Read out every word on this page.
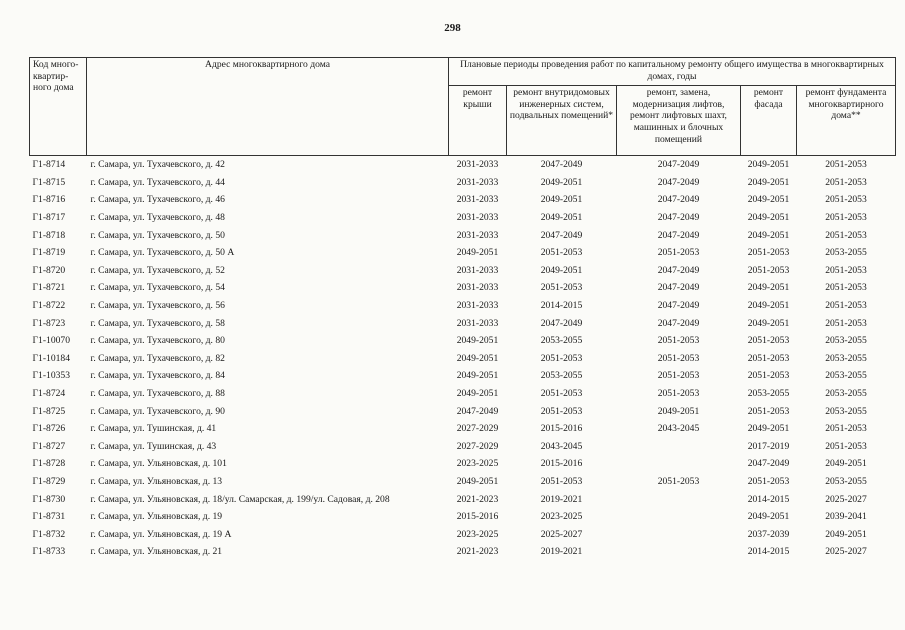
298
Код много-квартир-ного дома	Адрес многоквартирного дома	Плановые периоды проведения работ по капитальному ремонту общего имущества в многоквартирных домах, годы				
		ремонт крыши	ремонт внутридомовых инженерных систем, подвальных помещений*	ремонт, замена, модернизация лифтов, ремонт лифтовых шахт, машинных и блочных помещений	ремонт фасада	ремонт фундамента многоквартирного дома**
Г1-8714	г. Самара, ул. Тухачевского, д. 42	2031-2033	2047-2049	2047-2049	2049-2051	2051-2053
Г1-8715	г. Самара, ул. Тухачевского, д. 44	2031-2033	2049-2051	2047-2049	2049-2051	2051-2053
Г1-8716	г. Самара, ул. Тухачевского, д. 46	2031-2033	2049-2051	2047-2049	2049-2051	2051-2053
Г1-8717	г. Самара, ул. Тухачевского, д. 48	2031-2033	2049-2051	2047-2049	2049-2051	2051-2053
Г1-8718	г. Самара, ул. Тухачевского, д. 50	2031-2033	2047-2049	2047-2049	2049-2051	2051-2053
Г1-8719	г. Самара, ул. Тухачевского, д. 50 А	2049-2051	2051-2053	2051-2053	2051-2053	2053-2055
Г1-8720	г. Самара, ул. Тухачевского, д. 52	2031-2033	2049-2051	2047-2049	2051-2053	2051-2053
Г1-8721	г. Самара, ул. Тухачевского, д. 54	2031-2033	2051-2053	2047-2049	2049-2051	2051-2053
Г1-8722	г. Самара, ул. Тухачевского, д. 56	2031-2033	2014-2015	2047-2049	2049-2051	2051-2053
Г1-8723	г. Самара, ул. Тухачевского, д. 58	2031-2033	2047-2049	2047-2049	2049-2051	2051-2053
Г1-10070	г. Самара, ул. Тухачевского, д. 80	2049-2051	2053-2055	2051-2053	2051-2053	2053-2055
Г1-10184	г. Самара, ул. Тухачевского, д. 82	2049-2051	2051-2053	2051-2053	2051-2053	2053-2055
Г1-10353	г. Самара, ул. Тухачевского, д. 84	2049-2051	2053-2055	2051-2053	2051-2053	2053-2055
Г1-8724	г. Самара, ул. Тухачевского, д. 88	2049-2051	2051-2053	2051-2053	2053-2055	2053-2055
Г1-8725	г. Самара, ул. Тухачевского, д. 90	2047-2049	2051-2053	2049-2051	2051-2053	2053-2055
Г1-8726	г. Самара, ул. Тушинская, д. 41	2027-2029	2015-2016	2043-2045	2049-2051	2051-2053
Г1-8727	г. Самара, ул. Тушинская, д. 43	2027-2029	2043-2045		2017-2019	2051-2053
Г1-8728	г. Самара, ул. Ульяновская, д. 101	2023-2025	2015-2016		2047-2049	2049-2051
Г1-8729	г. Самара, ул. Ульяновская, д. 13	2049-2051	2051-2053	2051-2053	2051-2053	2053-2055
Г1-8730	г. Самара, ул. Ульяновская, д. 18/ул. Самарская, д. 199/ул. Садовая, д. 208	2021-2023	2019-2021		2014-2015	2025-2027
Г1-8731	г. Самара, ул. Ульяновская, д. 19	2015-2016	2023-2025		2049-2051	2039-2041
Г1-8732	г. Самара, ул. Ульяновская, д. 19 А	2023-2025	2025-2027		2037-2039	2049-2051
Г1-8733	г. Самара, ул. Ульяновская, д. 21	2021-2023	2019-2021		2014-2015	2025-2027
